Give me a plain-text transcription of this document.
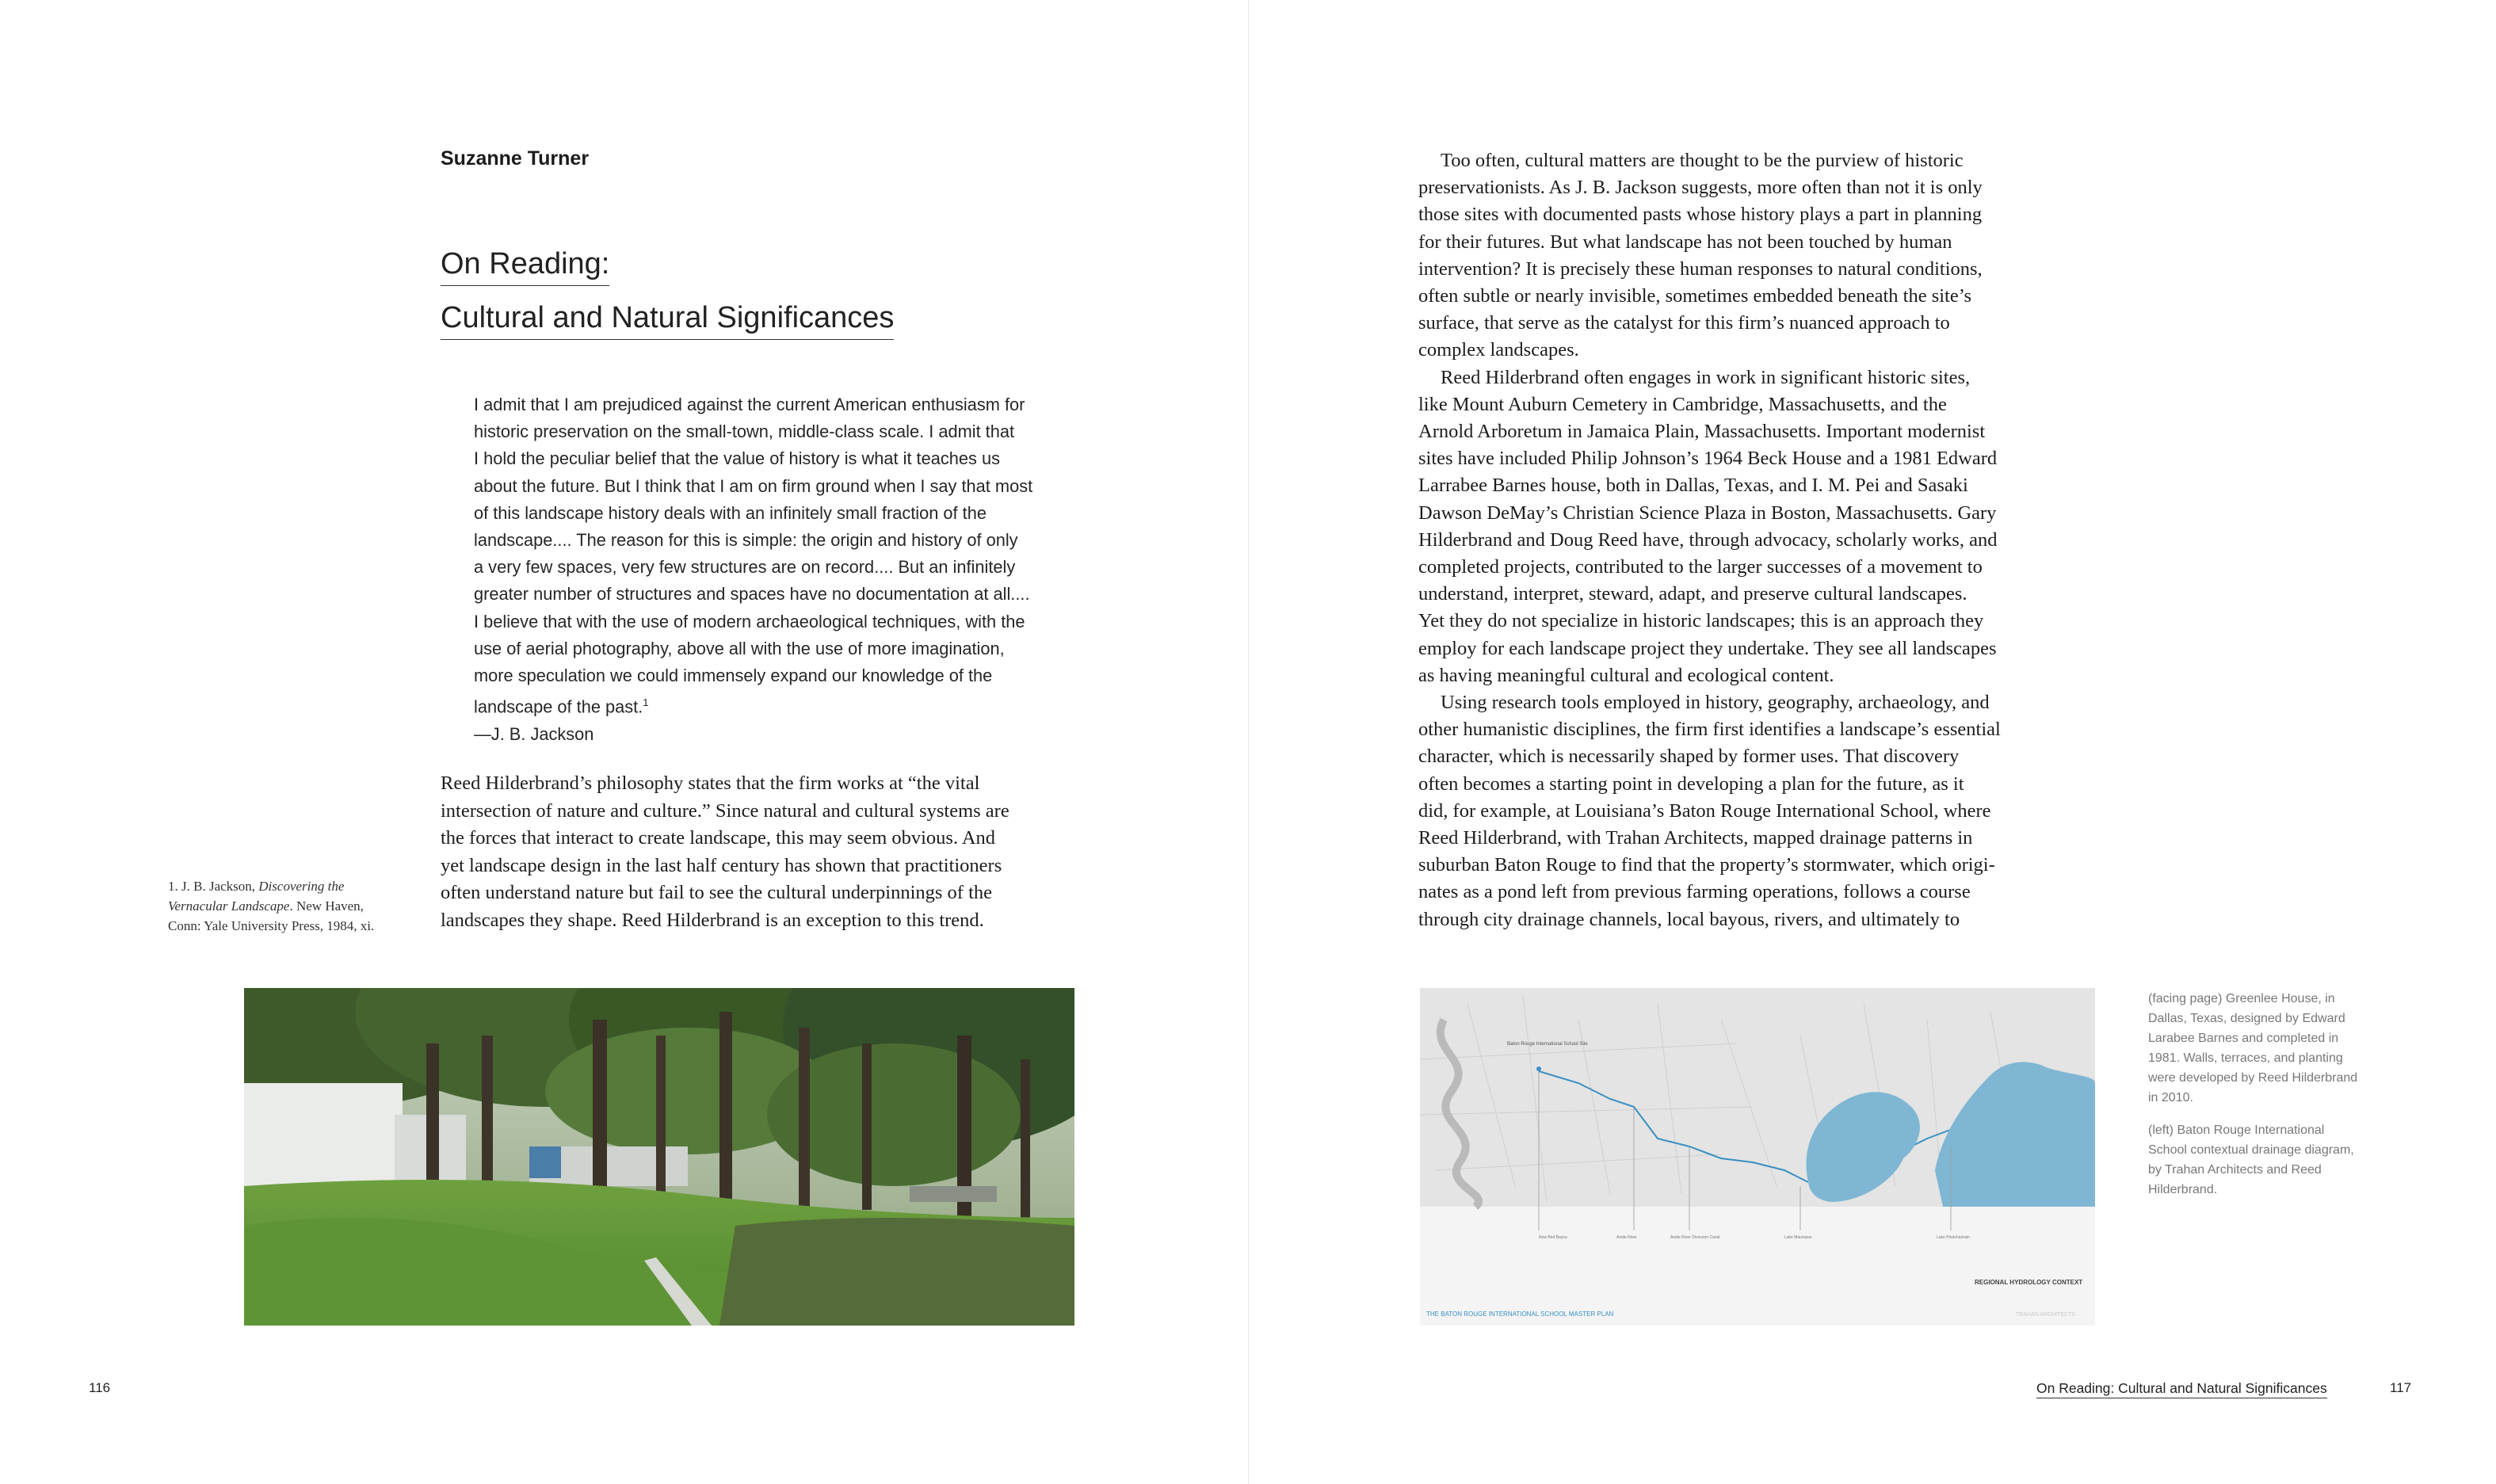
Suzanne Turner
On Reading:
Cultural and Natural Significances
I admit that I am prejudiced against the current American enthusiasm for
historic preservation on the small-town, middle-class scale. I admit that
I hold the peculiar belief that the value of history is what it teaches us
about the future. But I think that I am on firm ground when I say that most
of this landscape history deals with an infinitely small fraction of the
landscape.... The reason for this is simple: the origin and history of only
a very few spaces, very few structures are on record.... But an infinitely
greater number of structures and spaces have no documentation at all....
I believe that with the use of modern archaeological techniques, with the
use of aerial photography, above all with the use of more imagination,
more speculation we could immensely expand our knowledge of the
landscape of the past.$^1$
—J. B. Jackson
Reed Hilderbrand’s philosophy states that the firm works at “the vital
intersection of nature and culture.” Since natural and cultural systems are
the forces that interact to create landscape, this may seem obvious. And
yet landscape design in the last half century has shown that practitioners
often understand nature but fail to see the cultural underpinnings of the
landscapes they shape. Reed Hilderbrand is an exception to this trend.
1. J. B. Jackson, Discovering the
Vernacular Landscape. New Haven,
Conn: Yale University Press, 1984, xi.
116
Too often, cultural matters are thought to be the purview of historic
preservationists. As J. B. Jackson suggests, more often than not it is only
those sites with documented pasts whose history plays a part in planning
for their futures. But what landscape has not been touched by human
intervention? It is precisely these human responses to natural conditions,
often subtle or nearly invisible, sometimes embedded beneath the site’s
surface, that serve as the catalyst for this firm’s nuanced approach to
complex landscapes.
Reed Hilderbrand often engages in work in significant historic sites,
like Mount Auburn Cemetery in Cambridge, Massachusetts, and the
Arnold Arboretum in Jamaica Plain, Massachusetts. Important modernist
sites have included Philip Johnson’s 1964 Beck House and a 1981 Edward
Larrabee Barnes house, both in Dallas, Texas, and I. M. Pei and Sasaki
Dawson DeMay’s Christian Science Plaza in Boston, Massachusetts. Gary
Hilderbrand and Doug Reed have, through advocacy, scholarly works, and
completed projects, contributed to the larger successes of a movement to
understand, interpret, steward, adapt, and preserve cultural landscapes.
Yet they do not specialize in historic landscapes; this is an approach they
employ for each landscape project they undertake. They see all landscapes
as having meaningful cultural and ecological content.
Using research tools employed in history, geography, archaeology, and
other humanistic disciplines, the firm first identifies a landscape’s essential
character, which is necessarily shaped by former uses. That discovery
often becomes a starting point in developing a plan for the future, as it
did, for example, at Louisiana’s Baton Rouge International School, where
Reed Hilderbrand, with Trahan Architects, mapped drainage patterns in
suburban Baton Rouge to find that the property’s stormwater, which origi-
nates as a pond left from previous farming operations, follows a course
through city drainage channels, local bayous, rivers, and ultimately to
Baton Rouge International School Site
New Bird Bayou	Amite River	Amite River Diversion Canal	Lake Maurepas	Lake Pontchartrain
REGIONAL HYDROLOGY CONTEXT
THE BATON ROUGE INTERNATIONAL SCHOOL MASTER PLAN	TRAHAN ARCHITECTS
(facing page) Greenlee House, in
Dallas, Texas, designed by Edward
Larabee Barnes and completed in
1981. Walls, terraces, and planting
were developed by Reed Hilderbrand
in 2010.
(left) Baton Rouge International
School contextual drainage diagram,
by Trahan Architects and Reed
Hilderbrand.
On Reading: Cultural and Natural Significances	117
